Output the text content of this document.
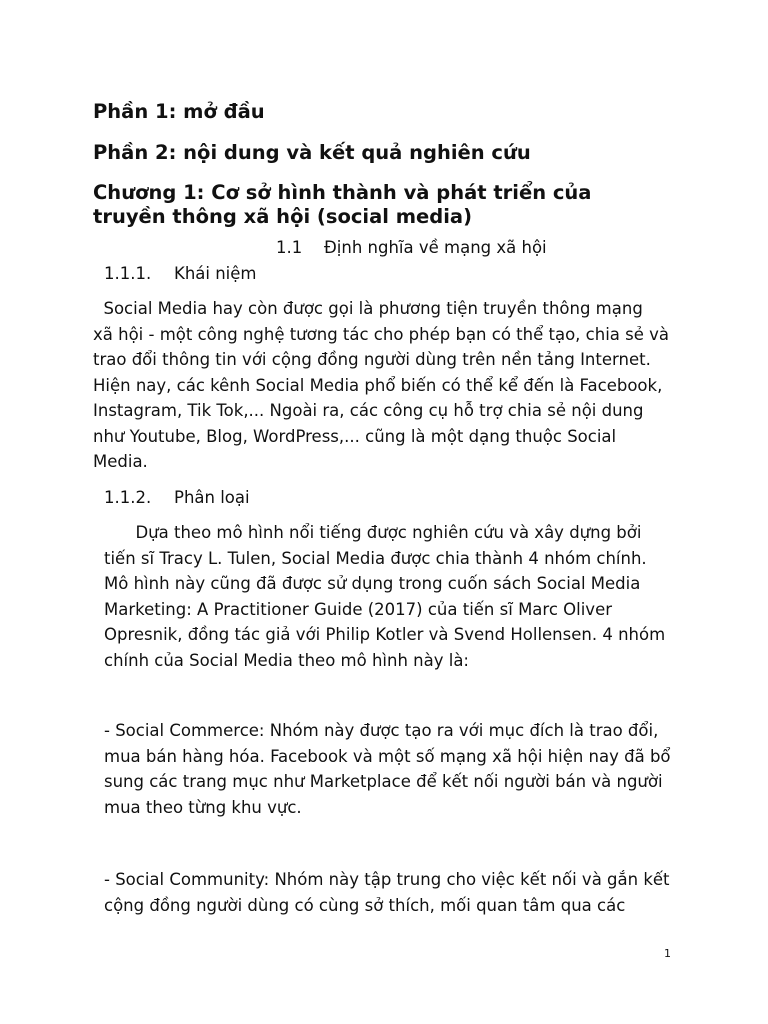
Phần 1: mở đầu
Phần 2: nội dung và kết quả nghiên cứu
Chương 1: Cơ sở hình thành và phát triển của
truyền thông xã hội (social media)
1.1 Định nghĩa về mạng xã hội
1.1.1. Khái niệm

Social Media hay còn được gọi là phương tiện truyền thông mạng
xã hội - một công nghệ tương tác cho phép bạn có thể tạo, chia sẻ và
trao đổi thông tin với cộng đồng người dùng trên nền tảng Internet.
Hiện nay, các kênh Social Media phổ biến có thể kể đến là Facebook,
Instagram, Tik Tok,... Ngoài ra, các công cụ hỗ trợ chia sẻ nội dung
như Youtube, Blog, WordPress,... cũng là một dạng thuộc Social
Media.

1.1.2. Phân loại

Dựa theo mô hình nổi tiếng được nghiên cứu và xây dựng bởi
tiến sĩ Tracy L. Tulen, Social Media được chia thành 4 nhóm chính.
Mô hình này cũng đã được sử dụng trong cuốn sách Social Media
Marketing: A Practitioner Guide (2017) của tiến sĩ Marc Oliver
Opresnik, đồng tác giả với Philip Kotler và Svend Hollensen. 4 nhóm
chính của Social Media theo mô hình này là:

- Social Commerce: Nhóm này được tạo ra với mục đích là trao đổi,
mua bán hàng hóa. Facebook và một số mạng xã hội hiện nay đã bổ
sung các trang mục như Marketplace để kết nối người bán và người
mua theo từng khu vực.

- Social Community: Nhóm này tập trung cho việc kết nối và gắn kết
cộng đồng người dùng có cùng sở thích, mối quan tâm qua các

1
